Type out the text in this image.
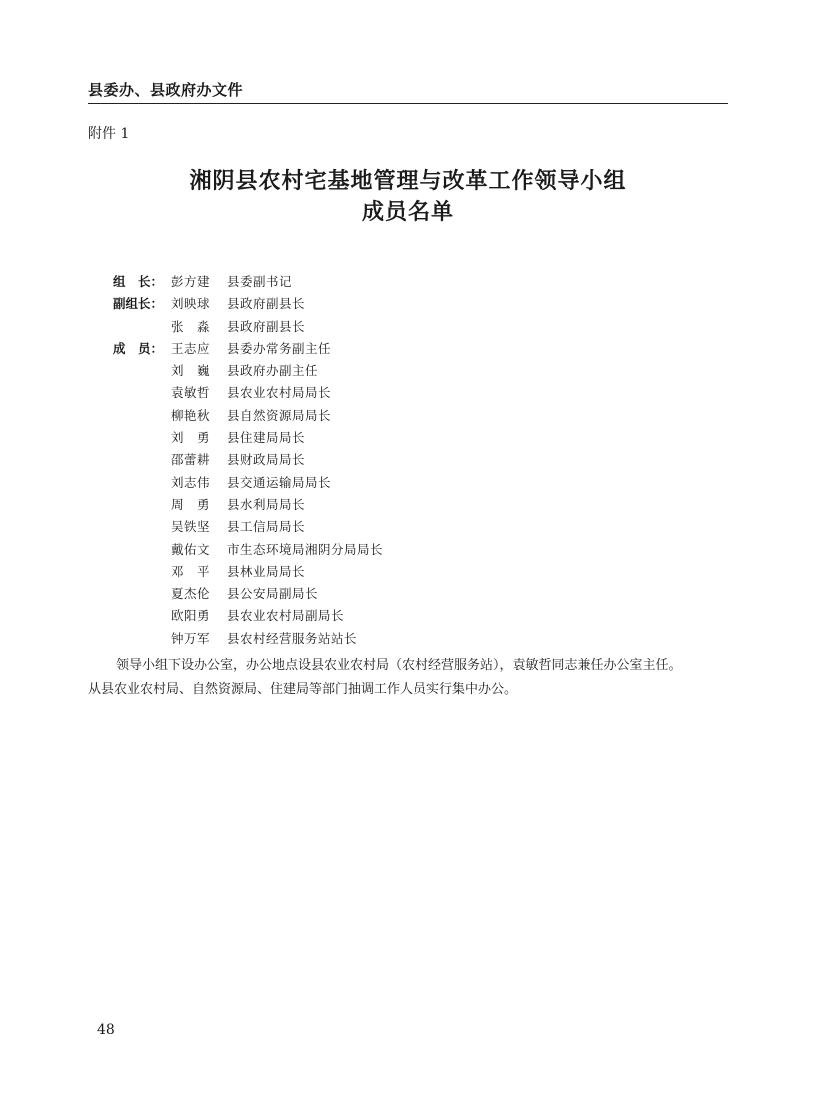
县委办、县政府办文件
附件 1
湘阴县农村宅基地管理与改革工作领导小组
成员名单
组　长： 彭方建 县委副书记
副组长： 刘映球 县政府副县长
张　淼 县政府副县长
成　员： 王志应 县委办常务副主任
刘　巍 县政府办副主任
袁敏哲 县农业农村局局长
柳艳秋 县自然资源局局长
刘　勇 县住建局局长
邵蕾耕 县财政局局长
刘志伟 县交通运输局局长
周　勇 县水利局局长
吴铁坚 县工信局局长
戴佑文 市生态环境局湘阴分局局长
邓　平 县林业局局长
夏杰伦 县公安局副局长
欧阳勇 县农业农村局副局长
钟万军 县农村经营服务站站长

领导小组下设办公室，办公地点设县农业农村局（农村经营服务站），袁敏哲同志兼任办公室主任。

从县农业农村局、自然资源局、住建局等部门抽调工作人员实行集中办公。

48
